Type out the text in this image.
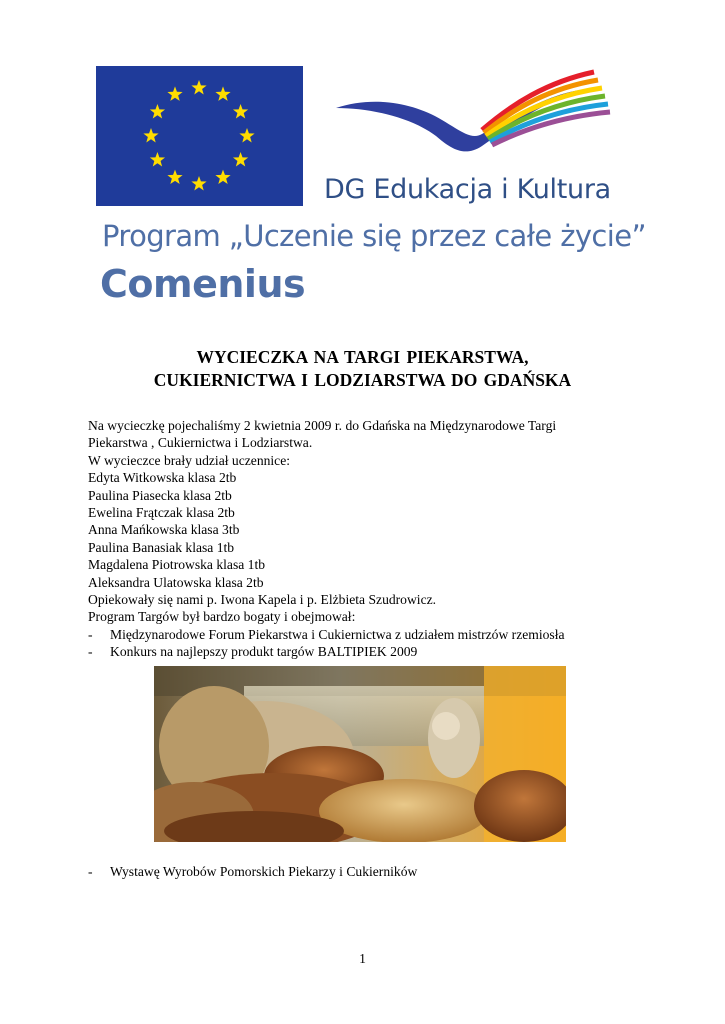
DG Edukacja i Kultura
Program „Uczenie się przez całe życie”
Comenius
WYCIECZKA NA TARGI PIEKARSTWA,
CUKIERNICTWA I LODZIARSTWA DO GDAŃSKA
Na wycieczkę pojechaliśmy 2 kwietnia 2009 r. do Gdańska na Międzynarodowe Targi
Piekarstwa , Cukiernictwa i Lodziarstwa.
W wycieczce brały udział uczennice:
Edyta Witkowska klasa 2tb
Paulina Piasecka klasa 2tb
Ewelina Frątczak klasa 2tb
Anna Mańkowska klasa 3tb
Paulina Banasiak klasa 1tb
Magdalena Piotrowska klasa 1tb
Aleksandra Ulatowska klasa 2tb
Opiekowały się nami p. Iwona Kapela i p. Elżbieta Szudrowicz.
Program Targów był bardzo bogaty i obejmował:
- Międzynarodowe Forum Piekarstwa i Cukiernictwa z udziałem mistrzów rzemiosła
- Konkurs na najlepszy produkt targów BALTIPIEK 2009
- Wystawę Wyrobów Pomorskich Piekarzy i Cukierników
1
